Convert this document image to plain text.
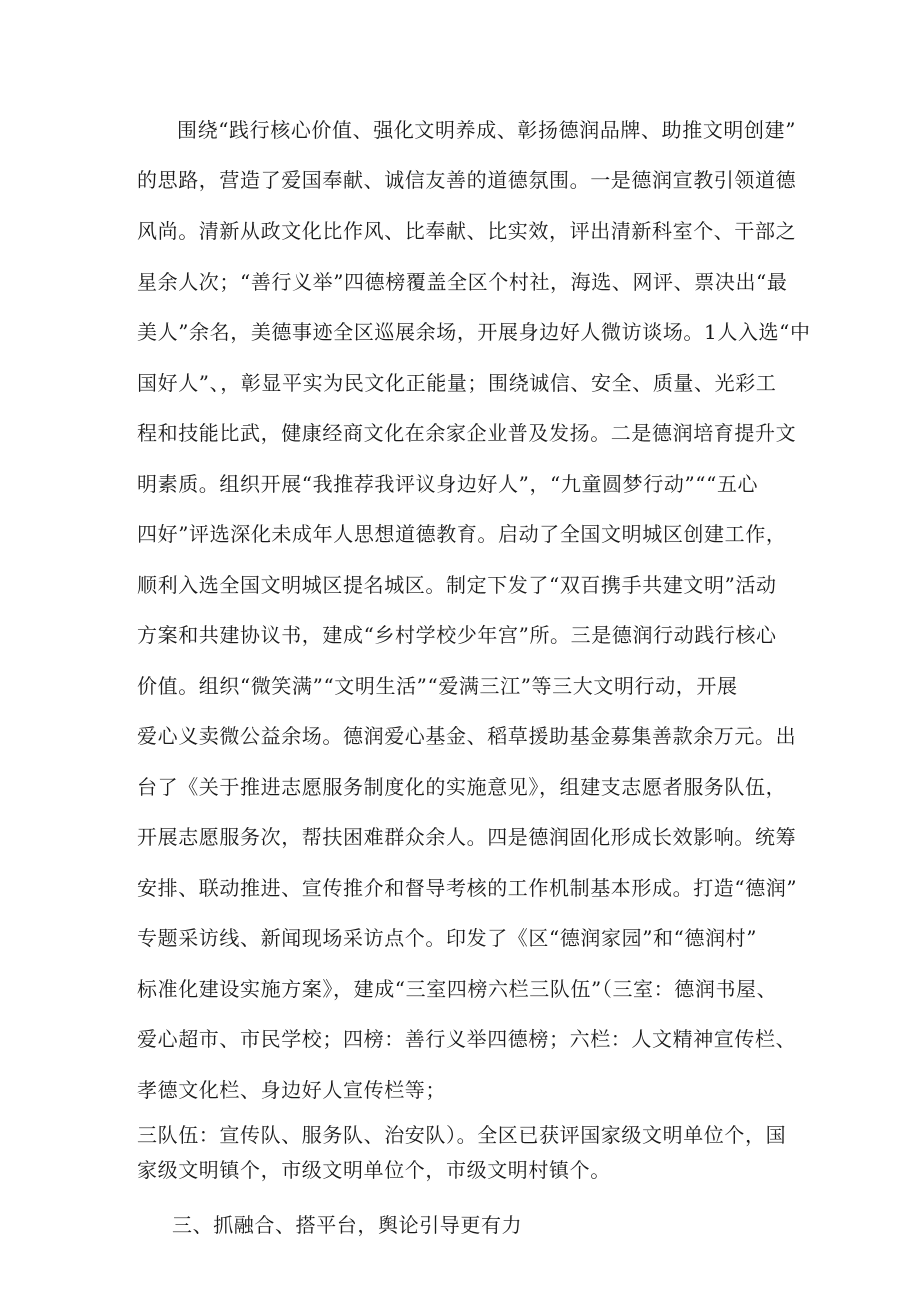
围绕“践行核心价值、强化文明养成、彰扬德润品牌、助推文明创建”
的思路，营造了爱国奉献、诚信友善的道德氛围。一是德润宣教引领道德
风尚。清新从政文化比作风、比奉献、比实效，评出清新科室个、干部之
星余人次；“善行义举”四德榜覆盖全区个村社，海选、网评、票决出“最
美人”余名，美德事迹全区巡展余场，开展身边好人微访谈场。1人入选“中
国好人”、，彰显平实为民文化正能量；围绕诚信、安全、质量、光彩工
程和技能比武，健康经商文化在余家企业普及发扬。二是德润培育提升文
明素质。组织开展“我推荐我评议身边好人”，“九童圆梦行动”““五心
四好”评选深化未成年人思想道德教育。启动了全国文明城区创建工作，
顺利入选全国文明城区提名城区。制定下发了“双百携手共建文明”活动
方案和共建协议书，建成“乡村学校少年宫”所。三是德润行动践行核心
价值。组织“微笑满”“文明生活”“爱满三江”等三大文明行动，开展
爱心义卖微公益余场。德润爱心基金、稻草援助基金募集善款余万元。出
台了《关于推进志愿服务制度化的实施意见》，组建支志愿者服务队伍，
开展志愿服务次，帮扶困难群众余人。四是德润固化形成长效影响。统筹
安排、联动推进、宣传推介和督导考核的工作机制基本形成。打造“德润”
专题采访线、新闻现场采访点个。印发了《区“德润家园”和“德润村”
标准化建设实施方案》，建成“三室四榜六栏三队伍”（三室：德润书屋、
爱心超市、市民学校；四榜：善行义举四德榜；六栏：人文精神宣传栏、
孝德文化栏、身边好人宣传栏等；
三队伍：宣传队、服务队、治安队）。全区已获评国家级文明单位个，国
家级文明镇个，市级文明单位个，市级文明村镇个。
三、抓融合、搭平台，舆论引导更有力
